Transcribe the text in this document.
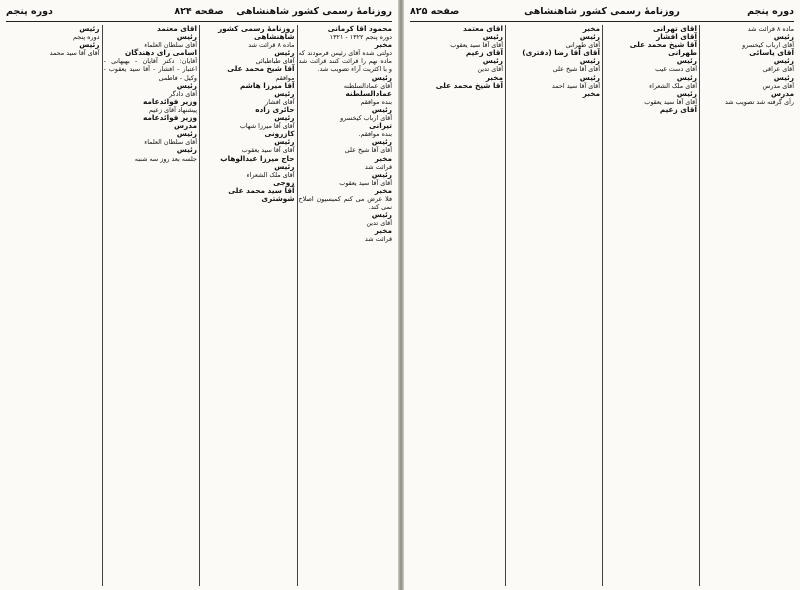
دوره پنجم	صفحه ۸۲۴	روزنامهٔ رسمی کشور شاهنشاهی
محمود آقا کرمانی
دوره پنجم ۱۳۲۲ - ۱۳۲۱
مخبر
دولتی شده آقای رئیس فرمودند که ماده نهم را قرائت کنند قرائت شد و با اکثریت آراء تصویب شد.
رئیس
آقای عمادالسلطنه
عمادالسلطنه
بنده موافقم
رئیس
آقای ارباب کیخسرو
تیرانی
بنده موافقم.
رئیس
آقای آقا شیخ علی
مخبر
قرائت شد
رئیس
آقای آقا سید یعقوب
مخبر
فلا عرض می کنم کمیسیون اصلاح نمی کند.
رئیس
آقای تدین
مخبر
قرائت شد
روزنامهٔ رسمی کشور شاهنشاهی
ماده ۸ قرائت شد
رئیس
آقای طباطبائی
آقا شیخ محمد علی
موافقم
آقا میرزا هاشم
رئیس
آقای افشار
حائری زاده
رئیس
آقای آقا میرزا شهاب
کازرونی
رئیس
آقای آقا سید یعقوب
حاج میرزا عبدالوهاب
رئیس
آقای ملک الشعراء
زوجی
آقا سید محمد علی شوشتری
آقای معتمد
رئیس
آقای سلطان العلماء
اسامی رای دهندگان
آقایان: دکتر آقایان - بهبهانی - اعتبار - افشار - آقا سید یعقوب - وکیل - فاطمی
رئیس
آقای دادگر
وزیر فوائدعامه
پیشنهاد آقای زعیم
وزیر فوائدعامه
مدرس
رئیس
آقای سلطان العلماء
رئیس
جلسه بعد روز سه شنبه
رئیس
دوره پنجم
رئیس
آقای آقا سید محمد
صفحه ۸۲۵	روزنامهٔ رسمی کشور شاهنشاهی	دوره پنجم
ماده ۸ قرائت شد
رئیس
آقای ارباب کیخسرو
آقای یاسائی
رئیس
آقای عراقی
رئیس
آقای مدرس
مدرس
رأی گرفته شد تصویب شد
آقای تهرانی
آقای افشار
آقا شیخ محمد علی طهرانی
رئیس
آقای دست غیب
رئیس
آقای ملک الشعراء
رئیس
آقای آقا سید یعقوب
آقای زعیم
مخبر
رئیس
آقای طهرانی
آقای آقا رضا (دفتری)
رئیس
آقای آقا شیخ علی
رئیس
آقای آقا سید احمد
مخبر
آقای معتمد
رئیس
آقای آقا سید یعقوب
آقای زعیم
رئیس
آقای تدین
مخبر
آقا شیخ محمد علی
